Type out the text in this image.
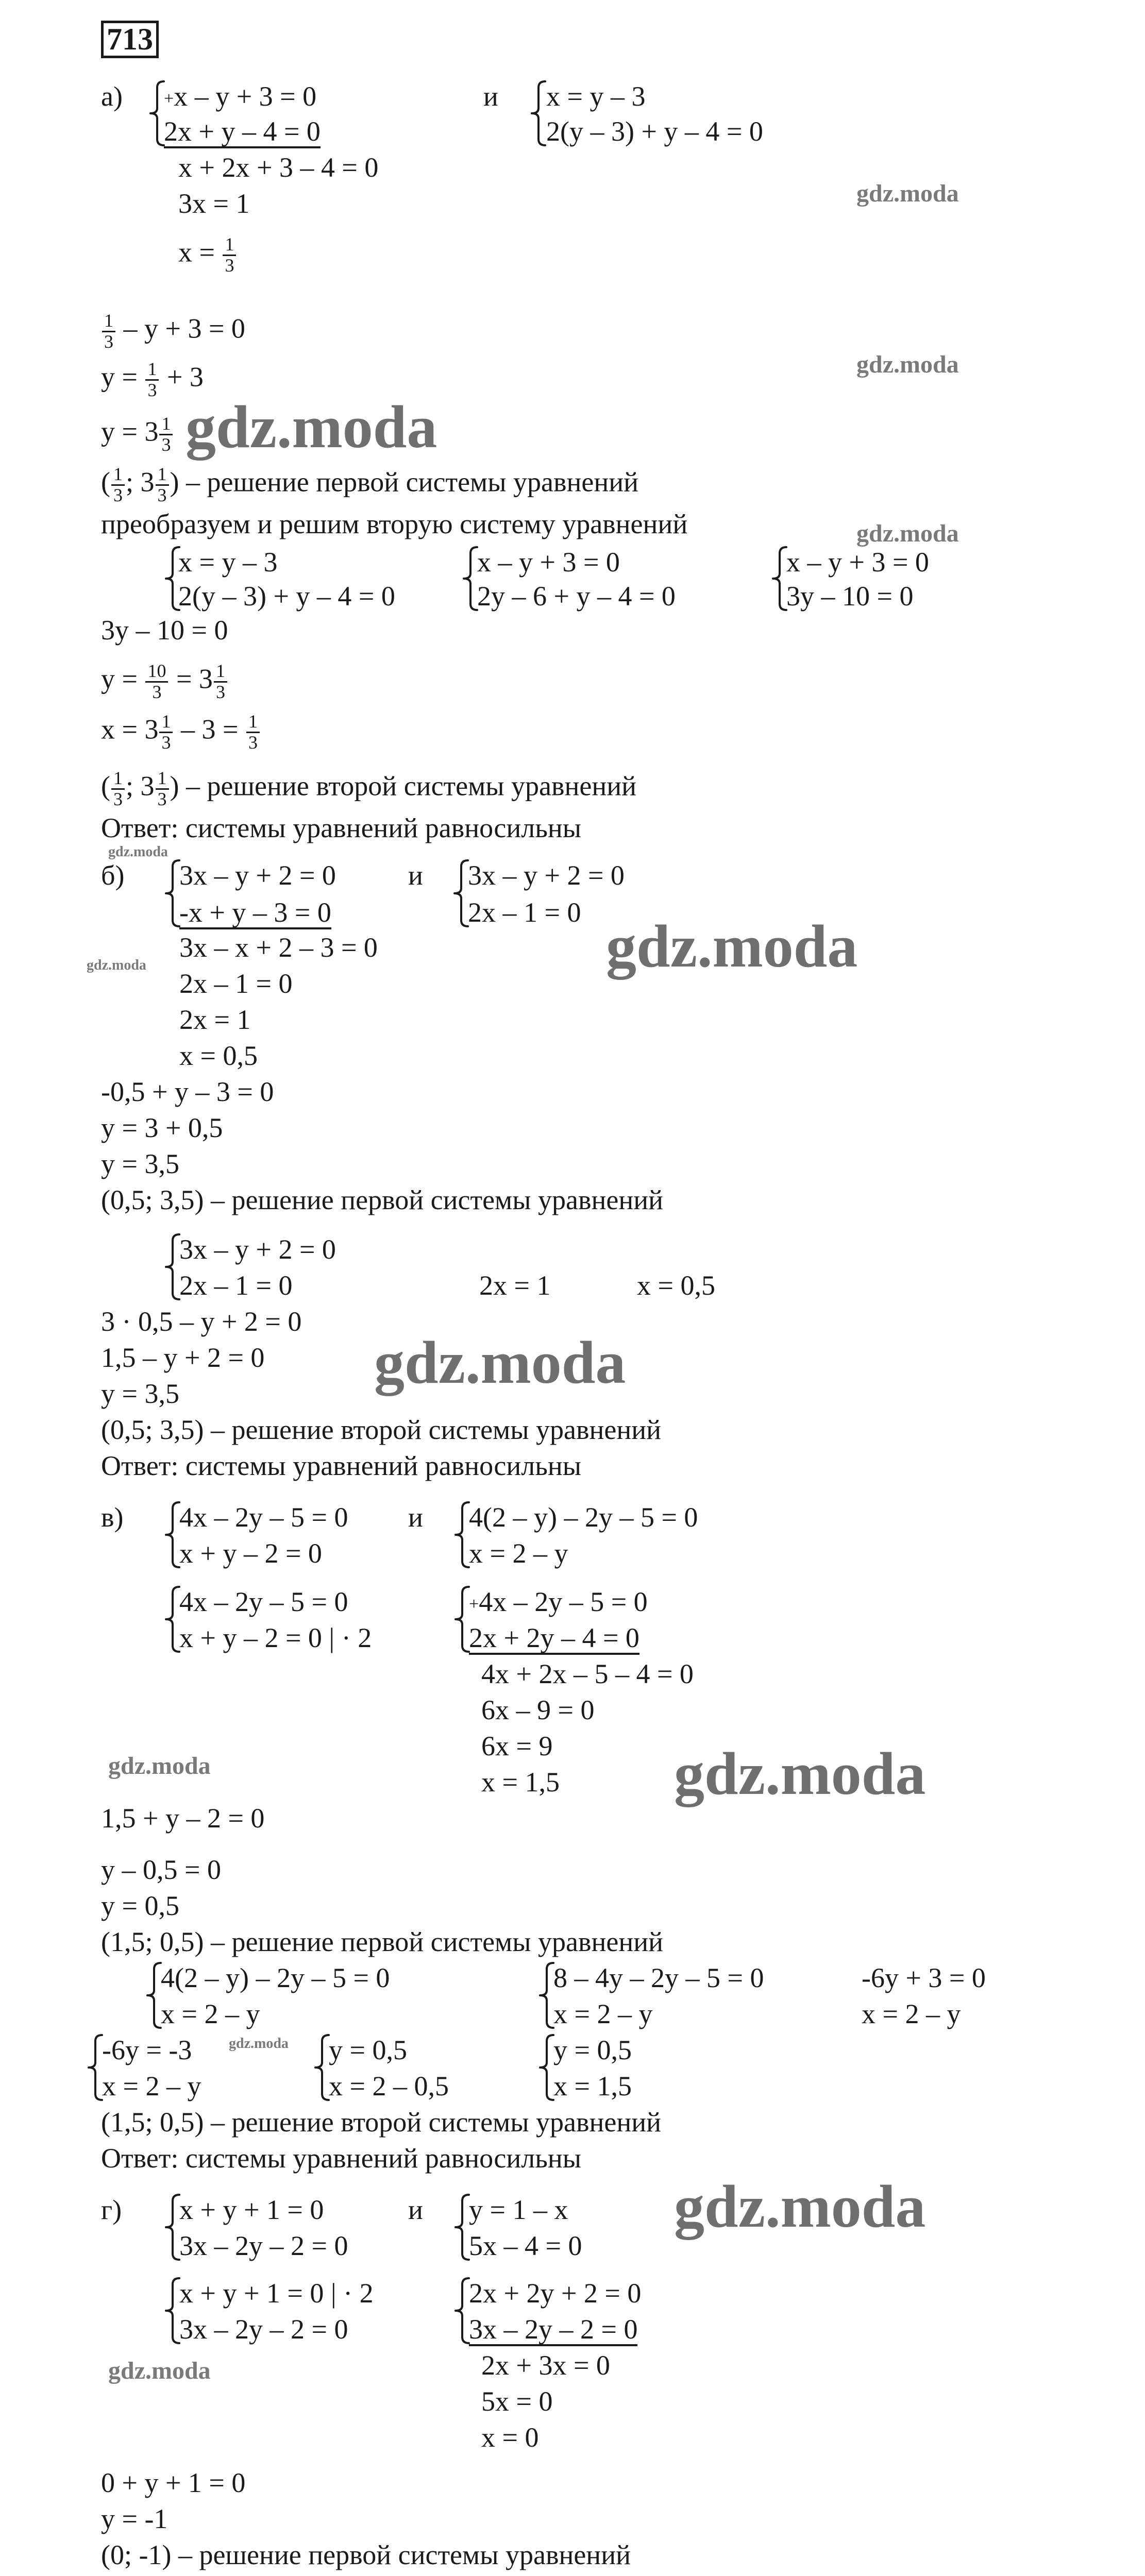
713
а) +x – y + 3 = 0
2x + y – 4 = 0
и x = y – 3
2(y – 3) + y – 4 = 0
x + 2x + 3 – 4 = 0
3x = 1
$x = \frac{1}{3}$
$\frac{1}{3} - y + 3 = 0$
$y = \frac{1}{3} + 3$
$y = 3 \frac{1}{3}$
( $\frac{1}{3}$ ; $3 \frac{1}{3}$ ) – решение первой системы уравнений
преобразуем и решим вторую систему уравнений
x = y – 3
2(y – 3) + y – 4 = 0
x – y + 3 = 0
2y – 6 + y – 4 = 0
x – y + 3 = 0
3y – 10 = 0
3y – 10 = 0
$y = \frac{10}{3} = 3 \frac{1}{3}$
$x = 3 \frac{1}{3} - 3 = \frac{1}{3}$
( $\frac{1}{3}$ ; $3 \frac{1}{3}$ ) – решение второй системы уравнений
Ответ: системы уравнений равносильны
б) 3x – y + 2 = 0
-x + y – 3 = 0
и 3x – y + 2 = 0
2x – 1 = 0
3x – x + 2 – 3 = 0
2x – 1 = 0
2x = 1
x = 0,5
-0,5 + y – 3 = 0
y = 3 + 0,5
y = 3,5
(0,5; 3,5) – решение первой системы уравнений
3x – y + 2 = 0
2x – 1 = 0	2x = 1	x = 0,5
3 · 0,5 – y + 2 = 0
1,5 – y + 2 = 0
y = 3,5
(0,5; 3,5) – решение второй системы уравнений
Ответ: системы уравнений равносильны
в) 4x – 2y – 5 = 0
x + y – 2 = 0
и 4(2 – y) – 2y – 5 = 0
x = 2 – y
4x – 2y – 5 = 0
x + y – 2 = 0 | · 2
+4x – 2y – 5 = 0
2x + 2y – 4 = 0
4x + 2x – 5 – 4 = 0
6x – 9 = 0
6x = 9
x = 1,5
1,5 + y – 2 = 0
y – 0,5 = 0
y = 0,5
(1,5; 0,5) – решение первой системы уравнений
4(2 – y) – 2y – 5 = 0
x = 2 – y
8 – 4y – 2y – 5 = 0
x = 2 – y
-6y + 3 = 0
x = 2 – y
-6y = -3
x = 2 – y
y = 0,5
x = 2 – 0,5
y = 0,5
x = 1,5
(1,5; 0,5) – решение второй системы уравнений
Ответ: системы уравнений равносильны
г) x + y + 1 = 0
3x – 2y – 2 = 0
и y = 1 – x
5x – 4 = 0
x + y + 1 = 0 | · 2
3x – 2y – 2 = 0
2x + 2y + 2 = 0
3x – 2y – 2 = 0
2x + 3x = 0
5x = 0
x = 0
0 + y + 1 = 0
y = -1
(0; -1) – решение первой системы уравнений
gdz.moda
gdz.moda
gdz.moda
gdz.moda
gdz.moda
gdz.moda
gdz.moda
gdz.moda
gdz.moda	gdz.moda
gdz.moda
gdz.moda
gdz.moda
